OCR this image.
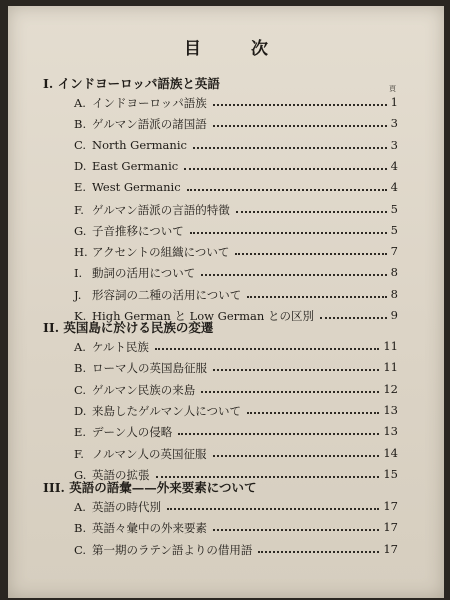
目 次
頁
I. インドヨーロッパ語族と英語
A. インドヨーロッパ語族	1
B. ゲルマン語派の諸国語	3
C. North Germanic	3
D. East Germanic	4
E. West Germanic	4
F. ゲルマン語派の言語的特徴	5
G. 子音推移について	5
H. アクセントの組織について	7
I. 動詞の活用について	8
J. 形容詞の二種の活用について	8
K. High German と Low German との区別	9
II. 英国島に於ける民族の変遷
A. ケルト民族	11
B. ローマ人の英国島征服	11
C. ゲルマン民族の来島	12
D. 来島したゲルマン人について	13
E. デーン人の侵略	13
F. ノルマン人の英国征服	14
G. 英語の拡張	15
III. 英語の語彙——外来要素について
A. 英語の時代別	17
B. 英語々彙中の外来要素	17
C. 第一期のラテン語よりの借用語	17
